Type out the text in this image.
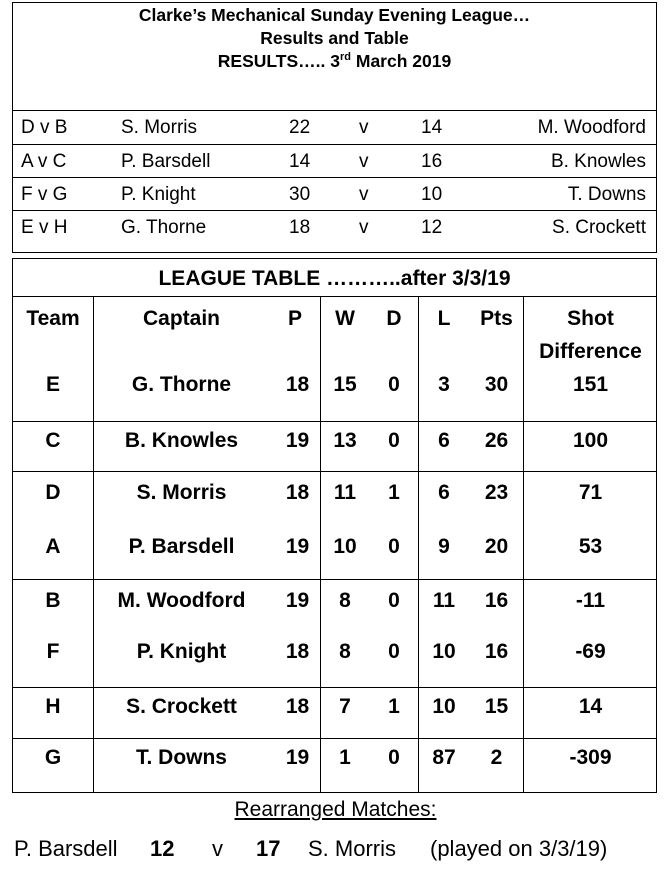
Clarke’s Mechanical Sunday Evening League…
Results and Table
RESULTS….. 3rd March 2019
D v B	S. Morris	22	v	14	M. Woodford
A v C	P. Barsdell	14	v	16	B. Knowles
F v G	P. Knight	30	v	10	T. Downs
E v H	G. Thorne	18	v	12	S. Crockett
LEAGUE TABLE ………..after 3/3/19
Team	Captain	P	W	D	L	Pts	Shot
Difference
E	G. Thorne	18	15	0	3	30	151
C	B. Knowles	19	13	0	6	26	100
D	S. Morris	18	11	1	6	23	71
A	P. Barsdell	19	10	0	9	20	53
B	M. Woodford	19	8	0	11	16	-11
F	P. Knight	18	8	0	10	16	-69
H	S. Crockett	18	7	1	10	15	14
G	T. Downs	19	1	0	87	2	-309
Rearranged Matches:
P. Barsdell 12 v 17 S. Morris (played on 3/3/19)
